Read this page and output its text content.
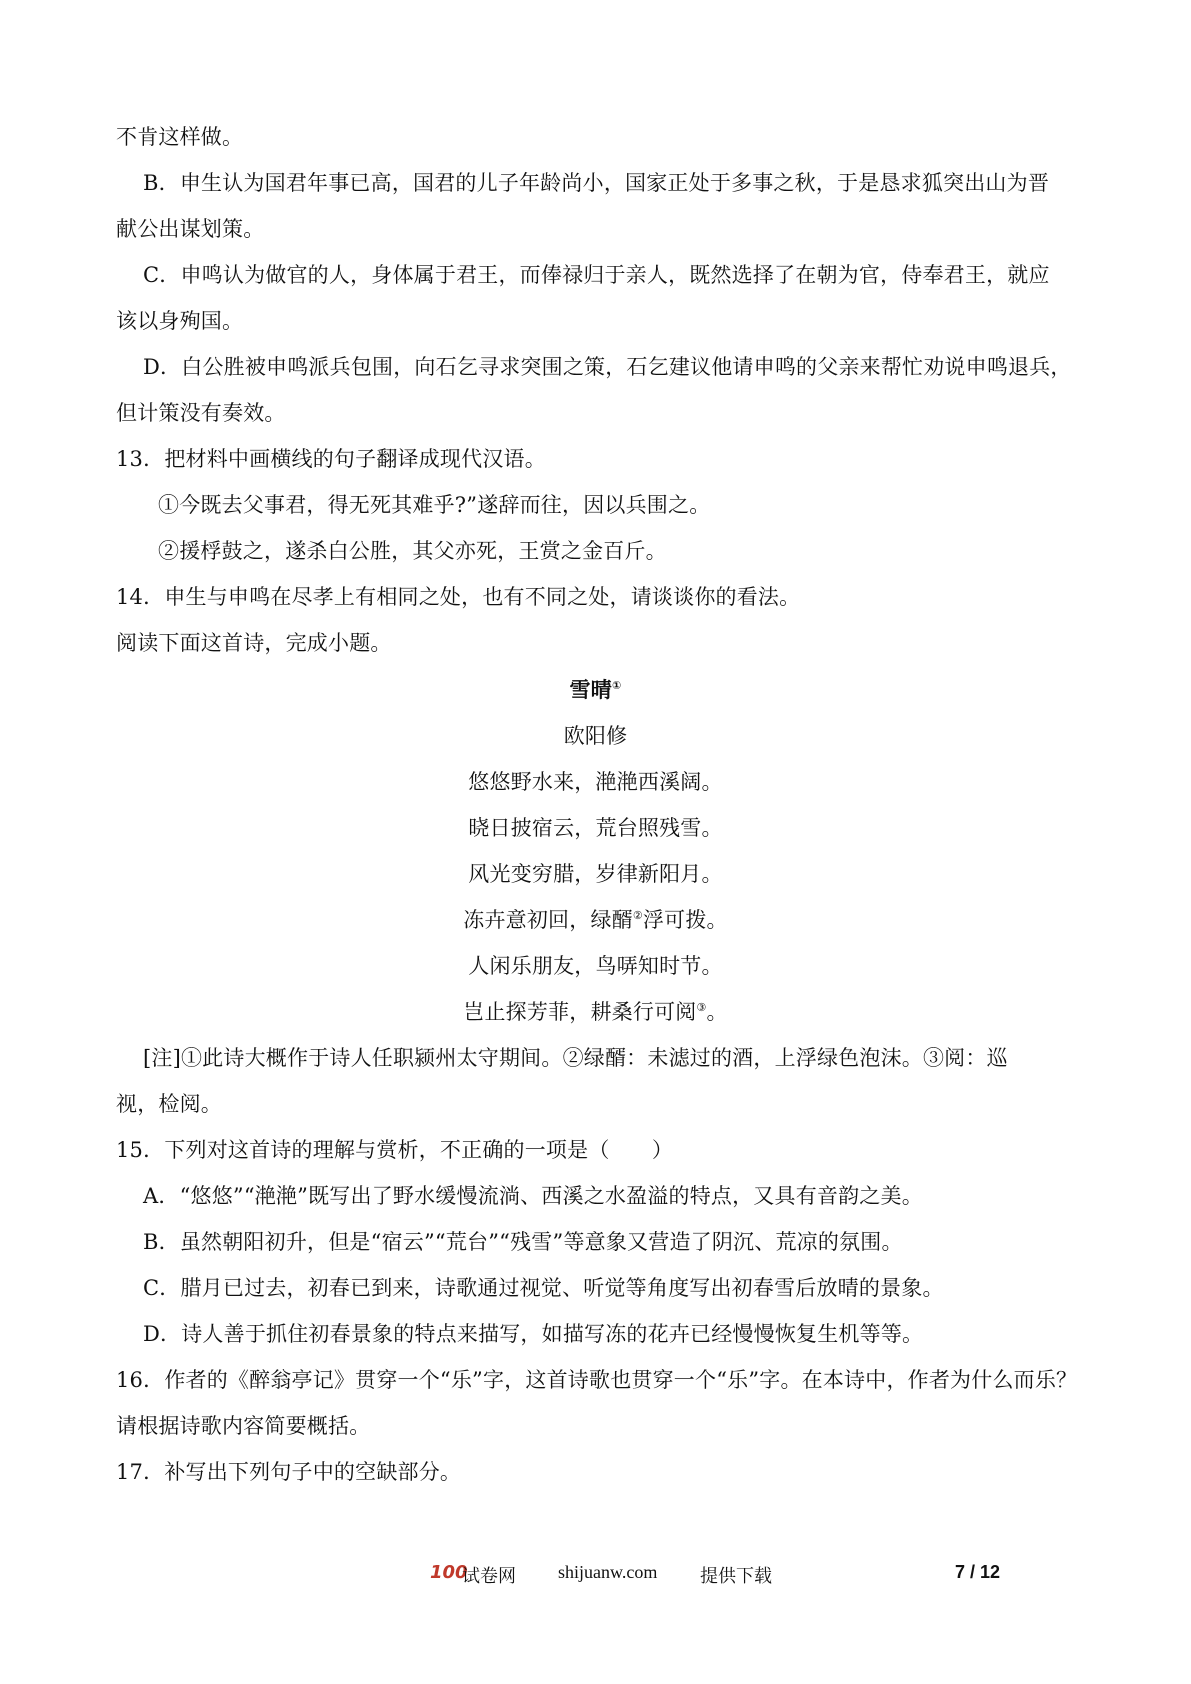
不肯这样做。
B．申生认为国君年事已高，国君的儿子年龄尚小，国家正处于多事之秋，于是恳求狐突出山为晋
献公出谋划策。
C．申鸣认为做官的人，身体属于君王，而俸禄归于亲人，既然选择了在朝为官，侍奉君王，就应
该以身殉国。
D．白公胜被申鸣派兵包围，向石乞寻求突围之策，石乞建议他请申鸣的父亲来帮忙劝说申鸣退兵，
但计策没有奏效。
13．把材料中画横线的句子翻译成现代汉语。
①今既去父事君，得无死其难乎?”遂辞而往，因以兵围之。
②援桴鼓之，遂杀白公胜，其父亦死，王赏之金百斤。
14．申生与申鸣在尽孝上有相同之处，也有不同之处，请谈谈你的看法。
阅读下面这首诗，完成小题。
雪晴①
欧阳修
悠悠野水来，滟滟西溪阔。
晓日披宿云，荒台照残雪。
风光变穷腊，岁律新阳月。
冻卉意初回，绿醑②浮可拨。
人闲乐朋友，鸟哢知时节。
岂止探芳菲，耕桑行可阅③。
[注]①此诗大概作于诗人任职颍州太守期间。②绿醑：未滤过的酒，上浮绿色泡沫。③阅：巡
视，检阅。
15．下列对这首诗的理解与赏析，不正确的一项是（　　）
A．“悠悠”“滟滟”既写出了野水缓慢流淌、西溪之水盈溢的特点，又具有音韵之美。
B．虽然朝阳初升，但是“宿云”“荒台”“残雪”等意象又营造了阴沉、荒凉的氛围。
C．腊月已过去，初春已到来，诗歌通过视觉、听觉等角度写出初春雪后放晴的景象。
D．诗人善于抓住初春景象的特点来描写，如描写冻的花卉已经慢慢恢复生机等等。
16．作者的《醉翁亭记》贯穿一个“乐”字，这首诗歌也贯穿一个“乐”字。在本诗中，作者为什么而乐？
请根据诗歌内容简要概括。
17．补写出下列句子中的空缺部分。
100
试卷网 shijuanw.com 提供下载	7 / 12
